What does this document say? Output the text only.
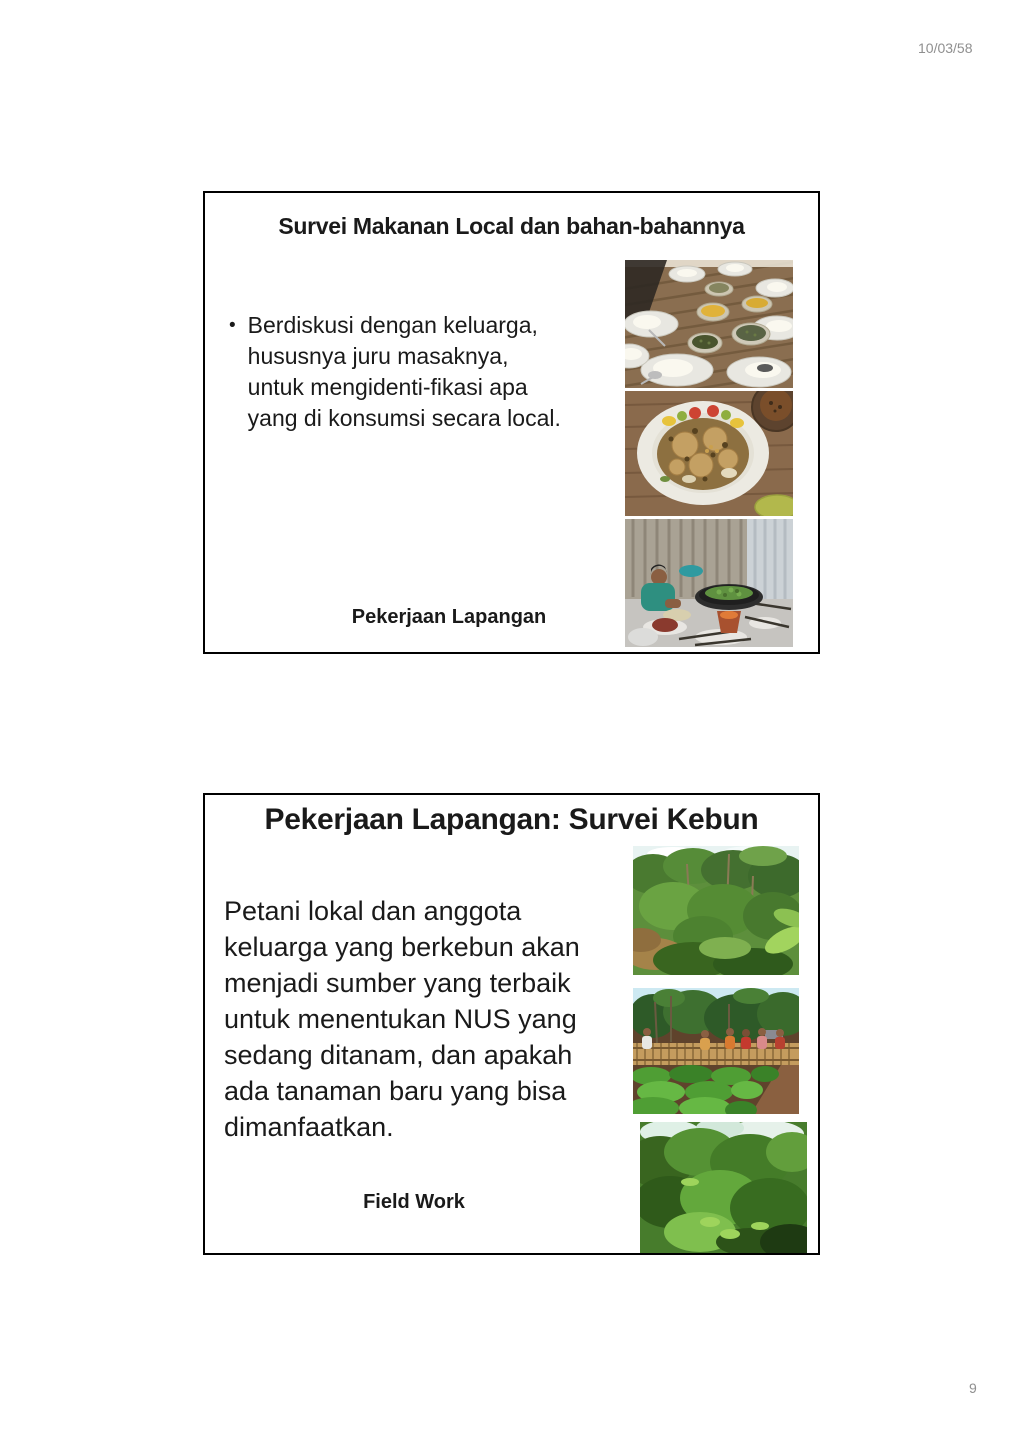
10/03/58
Survei Makanan Local dan bahan-bahannya
• Berdiskusi dengan keluarga,
hususnya juru masaknya,
untuk mengidenti-fikasi apa
yang di konsumsi secara local.
Pekerjaan Lapangan
Pekerjaan Lapangan: Survei Kebun
Petani lokal dan anggota
keluarga yang berkebun akan
menjadi sumber yang terbaik
untuk menentukan NUS yang
sedang ditanam, dan apakah
ada tanaman baru yang bisa
dimanfaatkan.
Field Work
9
